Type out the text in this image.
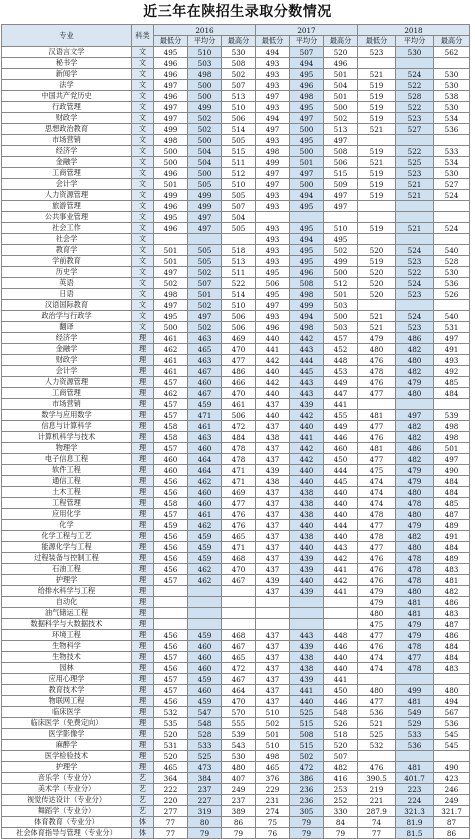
近三年在陕招生录取分数情况
专业	科类	2016			2017			2018		
		最低分	平均分	最高分	最低分	平均分	最高分	最低分	平均分	最高分
汉语言文学	文	495	510	530	494	507	520	523	530	562
秘书学	文	496	503	508	493	494	496			
新闻学	文	496	498	502	493	495	501	521	524	530
法学	文	497	500	507	493	496	504	519	522	530
中国共产党历史	文	496	500	513	497	498	501	519	528	538
行政管理	文	497	499	510	493	495	500	519	522	530
财政学	文	497	502	506	494	497	502	519	523	534
思想政治教育	文	499	502	514	497	500	513	521	527	536
市场营销	文	498	500	505	493	495	497			
经济学	文	500	504	515	498	500	508	519	522	533
金融学	文	500	504	511	499	501	506	521	525	534
工商管理	文	496	500	512	497	497	515	519	523	530
会计学	文	501	505	510	497	500	509	519	521	527
人力资源管理	文	499	499	505	493	494	497	519	521	524
旅游管理	文	496	499	507	493	495	497			
公共事业管理	文	495	497	504						
社会工作	文	496	497	505	493	495	510	519	521	524
社会学	文				493	494	495			
教育学	文	501	505	518	493	495	502	520	524	540
学前教育	文	501	505	513	493	495	499	519	523	528
历史学	文	497	502	511	495	496	500	520	522	530
英语	文	502	507	522	506	508	512	520	524	536
日语	文	498	501	514	495	498	501	520	523	526
汉语国际教育	文	497	502	510	497	499	503			
政治学与行政学	文	495	497	506	493	494	500	521	524	540
翻译	文	500	502	506	496	498	503	521	523	531
经济学	理	461	463	469	440	442	457	479	486	497
金融学	理	462	465	470	441	443	452	480	482	491
财政学	理	461	463	477	442	444	448	476	480	493
会计学	理	461	467	486	440	445	453	478	482	492
人力资源管理	理	457	460	466	442	443	449	476	479	485
工商管理	理	462	467	470	440	443	447	477	480	484
市场营销	理	457	459	461	437	439	441			
数学与应用数学	理	457	471	506	440	442	455	481	497	539
信息与计算科学	理	458	461	472	437	440	449	477	482	498
计算机科学与技术	理	458	463	484	438	441	446	476	482	498
物理学	理	457	460	478	437	442	460	481	486	501
电子信息工程	理	460	464	478	437	442	450	477	482	497
软件工程	理	460	464	471	439	440	444	475	479	490
通信工程	理	456	462	471	438	440	445	474	479	484
土木工程	理	456	460	469	437	438	440	474	480	484
工程管理	理	458	460	477	437	438	440	474	478	485
应用化学	理	457	461	476	437	438	440	478	480	487
化学	理	459	462	476	437	440	444	477	479	489
化学工程与工艺	理	456	459	465	437	438	440	478	482	491
能源化学与工程	理	456	459	471	437	440	443	477	480	484
过程装备与控制工程	理	456	459	468	437	439	442	476	478	489
石油工程	理	456	462	470	437	439	441	476	478	483
护理学	理	457	462	467	439	440	442	476	478	481
给排水科学与工程	理				437	439	441	479	480	482
自动化	理							479	481	486
油气储运工程	理							480	481	483
数据科学与大数据技术	理							475	479	487
环境工程	理	456	459	468	437	443	448	477	479	486
生物科学	理	456	460	467	437	439	446	476	478	484
生物技术	理	457	460	465	437	438	440	474	477	484
园林	理	456	460	472	437	438	440	474	478	483
应用心理学	理	457	459	467	437	439	441			
教育技术学	理	457	460	464	437	441	450	480	499	480
物联网工程	理	456	459	470	437	440	446	477	481	494
临床医学	理	532	547	570	510	525	548	536	549	567
临床医学（免费定向）	理	535	548	555	502	515	526	521	529	536
医学影像学	理	520	528	539	501	508	518	525	533	545
麻醉学	理	531	533	543	510	515	520	532	536	545
医学检验技术	理	520	525	530	498	502	507			
护理学	理	465	473	480	465	472	482	476	481	490
音乐学（专业分）	艺	364	384	407	376	386	416	390.5	401.7	423
美术学（专业分）	艺	222	237	249	229	236	253	219	223	246
视觉传达设计（专业分）	艺	220	227	237	231	236	252	221	224	249
舞蹈学（专业分）	艺	277	319	389	274	305	330	287.9	321.3	321.7
体育教育（专业分）	体	77	80	86	75	79	84	74	81.9	87
社会体育指导与管理（专业分）	体	77	79	79	76	79	79	77	81.5	86
